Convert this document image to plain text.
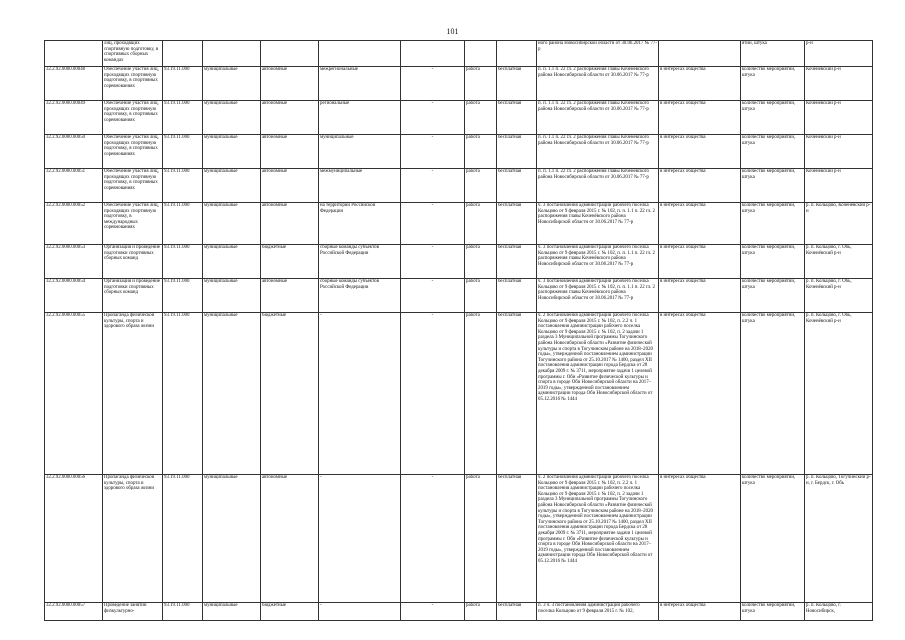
101
	лиц, проходящих спортивную подготовку, в спортивных сборных командах								ного района Новосибирской области от 30.06.2017 № 77-р		ятий, штука	р-н
32.2.92.0000.00048	Обеспечение участия лиц, проходящих спортивную подготовку, в спортивных соревнованиях	93.19.11.000	муниципальные	автономные	межрегиональные	-	работа	бесплатная	п. п. 1.1 п. 22 гл. 2 распоряжения главы Коченёвского района Новосибирской области от 30.06.2017 № 77-р	в интересах общества	количество мероприятий, штука	Коченёвский р-н
32.2.92.0000.00049	Обеспечение участия лиц, проходящих спортивную подготовку, в спортивных соревнованиях	93.19.11.000	муниципальные	автономные	региональные	-	работа	бесплатная	п. п. 1.1 п. 22 гл. 2 распоряжения главы Коченёвского района Новосибирской области от 30.06.2017 № 77-р	в интересах общества	количество мероприятий, штука	Коченёвский р-н
32.2.92.0000.00050	Обеспечение участия лиц, проходящих спортивную подготовку, в спортивных соревнованиях	93.19.11.000	муниципальные	автономные	муниципальные	-	работа	бесплатная	п. п. 1.1 п. 22 гл. 2 распоряжения главы Коченёвского района Новосибирской области от 30.06.2017 № 77-р	в интересах общества	количество мероприятий, штука	Коченёвский р-н
32.2.92.0000.00051	Обеспечение участия лиц, проходящих спортивную подготовку, в спортивных соревнованиях	93.19.11.000	муниципальные	автономные	межмуниципальные	-	работа	бесплатная	п. п. 1.1 п. 22 гл. 2 распоряжения главы Коченёвского района Новосибирской области от 30.06.2017 № 77-р	в интересах общества	количество мероприятий, штука	Коченёвский р-н
32.2.92.0000.00052	Обеспечение участия лиц, проходящих спортивную подготовку, в международных соревнованиях	93.19.11.000	муниципальные	автономные	на территории Российской Федерации	-	работа	бесплатная	ч. 3 постановления администрации рабочего поселка Кольцово от 9 февраля 2015 г. № 102, п. п. 1.1 п. 22 гл. 2 распоряжения главы Коченёвского района Новосибирской области от 30.06.2017 № 77-р	в интересах общества	количество мероприятий, штука	р. п. Кольцово, Коченёвский р-н
32.2.92.0000.00053	Организация и проведение подготовки спортивных сборных команд	93.19.11.000	муниципальные	бюджетные	сборные команды субъектов Российской Федерации	-	работа	бесплатная	ч. 3 постановления администрации рабочего поселка Кольцово от 9 февраля 2015 г. № 102, п. п. 1.1 п. 22 гл. 2 распоряжения главы Коченёвского района Новосибирской области от 30.06.2017 № 77-р	в интересах общества	количество мероприятий, штука	р. п. Кольцово, г. Обь, Коченёвский р-н
32.2.92.0000.00054	Организация и проведение подготовки спортивных сборных команд	93.19.11.000	муниципальные	автономные	сборные команды субъектов Российской Федерации	-	работа	бесплатная	ч. 3 постановления администрации рабочего поселка Кольцово от 9 февраля 2015 г. № 102, п. п. 1.1 п. 22 гл. 2 распоряжения главы Коченёвского района Новосибирской области от 30.06.2017 № 77-р	в интересах общества	количество мероприятий, штука	р. п. Кольцово, г. Обь, Коченёвский р-н
32.2.92.0000.00055	Пропаганда физической культуры, спорта и здорового образа жизни	93.19.11.000	муниципальные	бюджетные	-	-	работа	бесплатная	ч. 2 постановления администрации рабочего поселка Кольцово от 9 февраля 2015 г. № 102, п. 2.2 ч. 1 постановления администрации рабочего поселка Кольцово от 9 февраля 2015 г. № 102, п. 2 задачи 1 раздела 3 Муниципальной программы Тогучинского района Новосибирской области «Развитие физической культуры и спорта в Тогучинском районе на 2018–2020 годы», утвержденной постановлением администрации Тогучинского района от 25.10.2017 № 1400, раздел XII постановления администрации города Бердска от 28 декабря 2009 г. № 3711, мероприятие задачи 1 целевой программы г. Оби «Развитие физической культуры и спорта в городе Оби Новосибирской области на 2017–2019 годы», утвержденной постановлением администрации города Оби Новосибирской области от 05.12.2016 № 1444	в интересах общества	количество мероприятий, штука	р. п. Кольцово, г. Обь, Коченёвский р-н
32.2.92.0000.00056	Пропаганда физической культуры, спорта и здорового образа жизни	93.19.11.000	муниципальные	автономные	-	-	работа	бесплатная	ч. 2 постановления администрации рабочего поселка Кольцово от 9 февраля 2015 г. № 102, п. 2.2 ч. 1 постановления администрации рабочего поселка Кольцово от 9 февраля 2015 г. № 102, п. 2 задачи 1 раздела 3 Муниципальной программы Тогучинского района Новосибирской области «Развитие физической культуры и спорта в Тогучинском районе на 2018–2020 годы», утвержденной постановлением администрации Тогучинского района от 25.10.2017 № 1400, раздел XII постановления администрации города Бердска от 28 декабря 2009 г. № 3711, мероприятие задачи 1 целевой программы г. Оби «Развитие физической культуры и спорта в городе Оби Новосибирской области на 2017–2019 годы», утвержденной постановлением администрации города Оби Новосибирской области от 05.12.2016 № 1444	в интересах общества	количество мероприятий, штука	р. п. Кольцово, Тогучинский р-н, г. Бердск, г. Обь
32.2.92.0000.00057	Проведение занятий физкультурно-	93.19.11.000	муниципальные	бюджетные	-	-	работа	бесплатная	п. 3 ч. 3 постановления администрации рабочего поселка Кольцово от 9 февраля 2015 г. № 102,	в интересах общества	количество мероприятий, штука	р. п. Кольцово, г. Новосибирск,
